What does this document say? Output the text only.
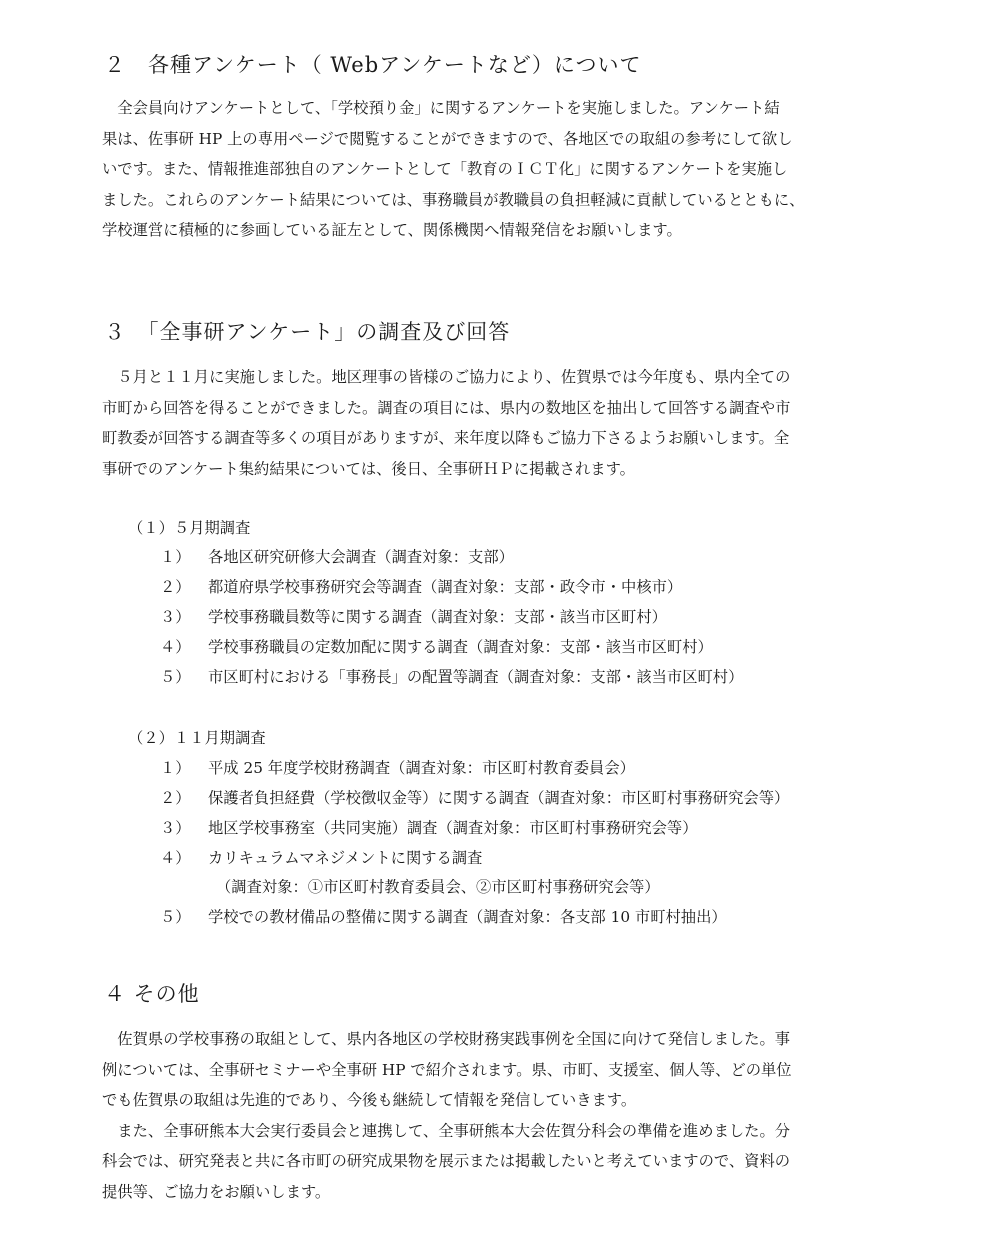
２　各種アンケート（ Webアンケートなど）について

　全会員向けアンケートとして、「学校預り金」に関するアンケートを実施しました。アンケート結
果は、佐事研 HP 上の専用ページで閲覧することができますので、各地区での取組の参考にして欲し
いです。また、情報推進部独自のアンケートとして「教育のＩＣＴ化」に関するアンケートを実施し
ました。これらのアンケート結果については、事務職員が教職員の負担軽減に貢献しているとともに、
学校運営に積極的に参画している証左として、関係機関へ情報発信をお願いします。

３　「全事研アンケート」の調査及び回答

　５月と１１月に実施しました。地区理事の皆様のご協力により、佐賀県では今年度も、県内全ての
市町から回答を得ることができました。調査の項目には、県内の数地区を抽出して回答する調査や市
町教委が回答する調査等多くの項目がありますが、来年度以降もご協力下さるようお願いします。全
事研でのアンケート集約結果については、後日、全事研ＨＰに掲載されます。

（１）５月期調査
１） 各地区研究研修大会調査（調査対象：支部）
２） 都道府県学校事務研究会等調査（調査対象：支部・政令市・中核市）
３） 学校事務職員数等に関する調査（調査対象：支部・該当市区町村）
４） 学校事務職員の定数加配に関する調査（調査対象：支部・該当市区町村）
５） 市区町村における「事務長」の配置等調査（調査対象：支部・該当市区町村）
（２）１１月期調査
１） 平成 25 年度学校財務調査（調査対象：市区町村教育委員会）
２） 保護者負担経費（学校徴収金等）に関する調査（調査対象：市区町村事務研究会等）
３） 地区学校事務室（共同実施）調査（調査対象：市区町村事務研究会等）
４） カリキュラムマネジメントに関する調査
（調査対象：①市区町村教育委員会、②市区町村事務研究会等）
５） 学校での教材備品の整備に関する調査（調査対象：各支部 10 市町村抽出）
４ その他

　佐賀県の学校事務の取組として、県内各地区の学校財務実践事例を全国に向けて発信しました。事
例については、全事研セミナーや全事研 HP で紹介されます。県、市町、支援室、個人等、どの単位
でも佐賀県の取組は先進的であり、今後も継続して情報を発信していきます。
　また、全事研熊本大会実行委員会と連携して、全事研熊本大会佐賀分科会の準備を進めました。分
科会では、研究発表と共に各市町の研究成果物を展示または掲載したいと考えていますので、資料の
提供等、ご協力をお願いします。
